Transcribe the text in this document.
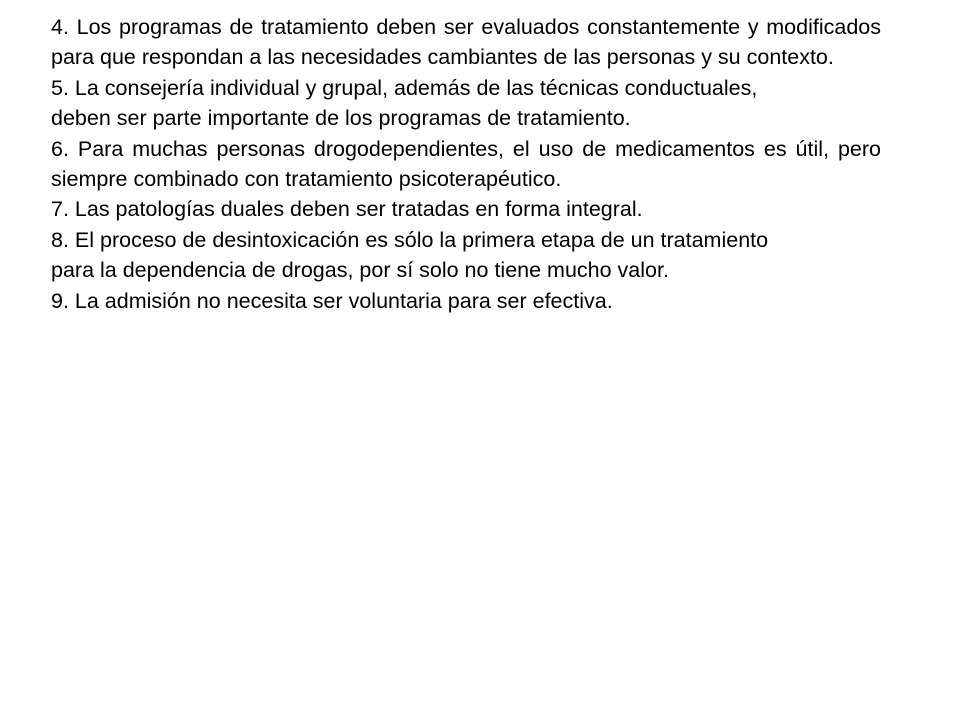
4. Los programas de tratamiento deben ser evaluados constantemente y modificados para que respondan a las necesidades cambiantes de las personas y su contexto.

5. La consejería individual y grupal, además de las técnicas conductuales, deben ser parte importante de los programas de tratamiento.

6. Para muchas personas drogodependientes, el uso de medicamentos es útil, pero siempre combinado con tratamiento psicoterapéutico.

7. Las patologías duales deben ser tratadas en forma integral.

8. El proceso de desintoxicación es sólo la primera etapa de un tratamiento para la dependencia de drogas, por sí solo no tiene mucho valor.

9. La admisión no necesita ser voluntaria para ser efectiva.
